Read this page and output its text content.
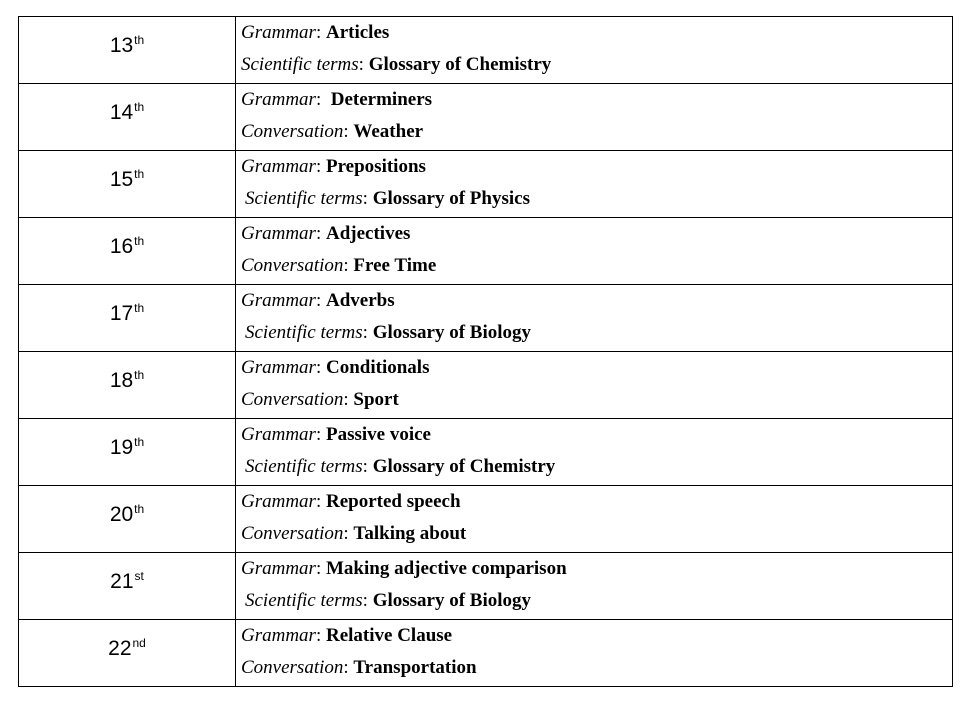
13th	Grammar: Articles
Scientific terms: Glossary of Chemistry

14th	Grammar:  Determiners
Conversation: Weather

15th	Grammar: Prepositions
Scientific terms: Glossary of Physics

16th	Grammar: Adjectives
Conversation: Free Time

17th	Grammar: Adverbs
Scientific terms: Glossary of Biology

18th	Grammar: Conditionals
Conversation: Sport

19th	Grammar: Passive voice
Scientific terms: Glossary of Chemistry

20th	Grammar: Reported speech
Conversation: Talking about

21st	Grammar: Making adjective comparison
Scientific terms: Glossary of Biology

22nd	Grammar: Relative Clause
Conversation: Transportation
